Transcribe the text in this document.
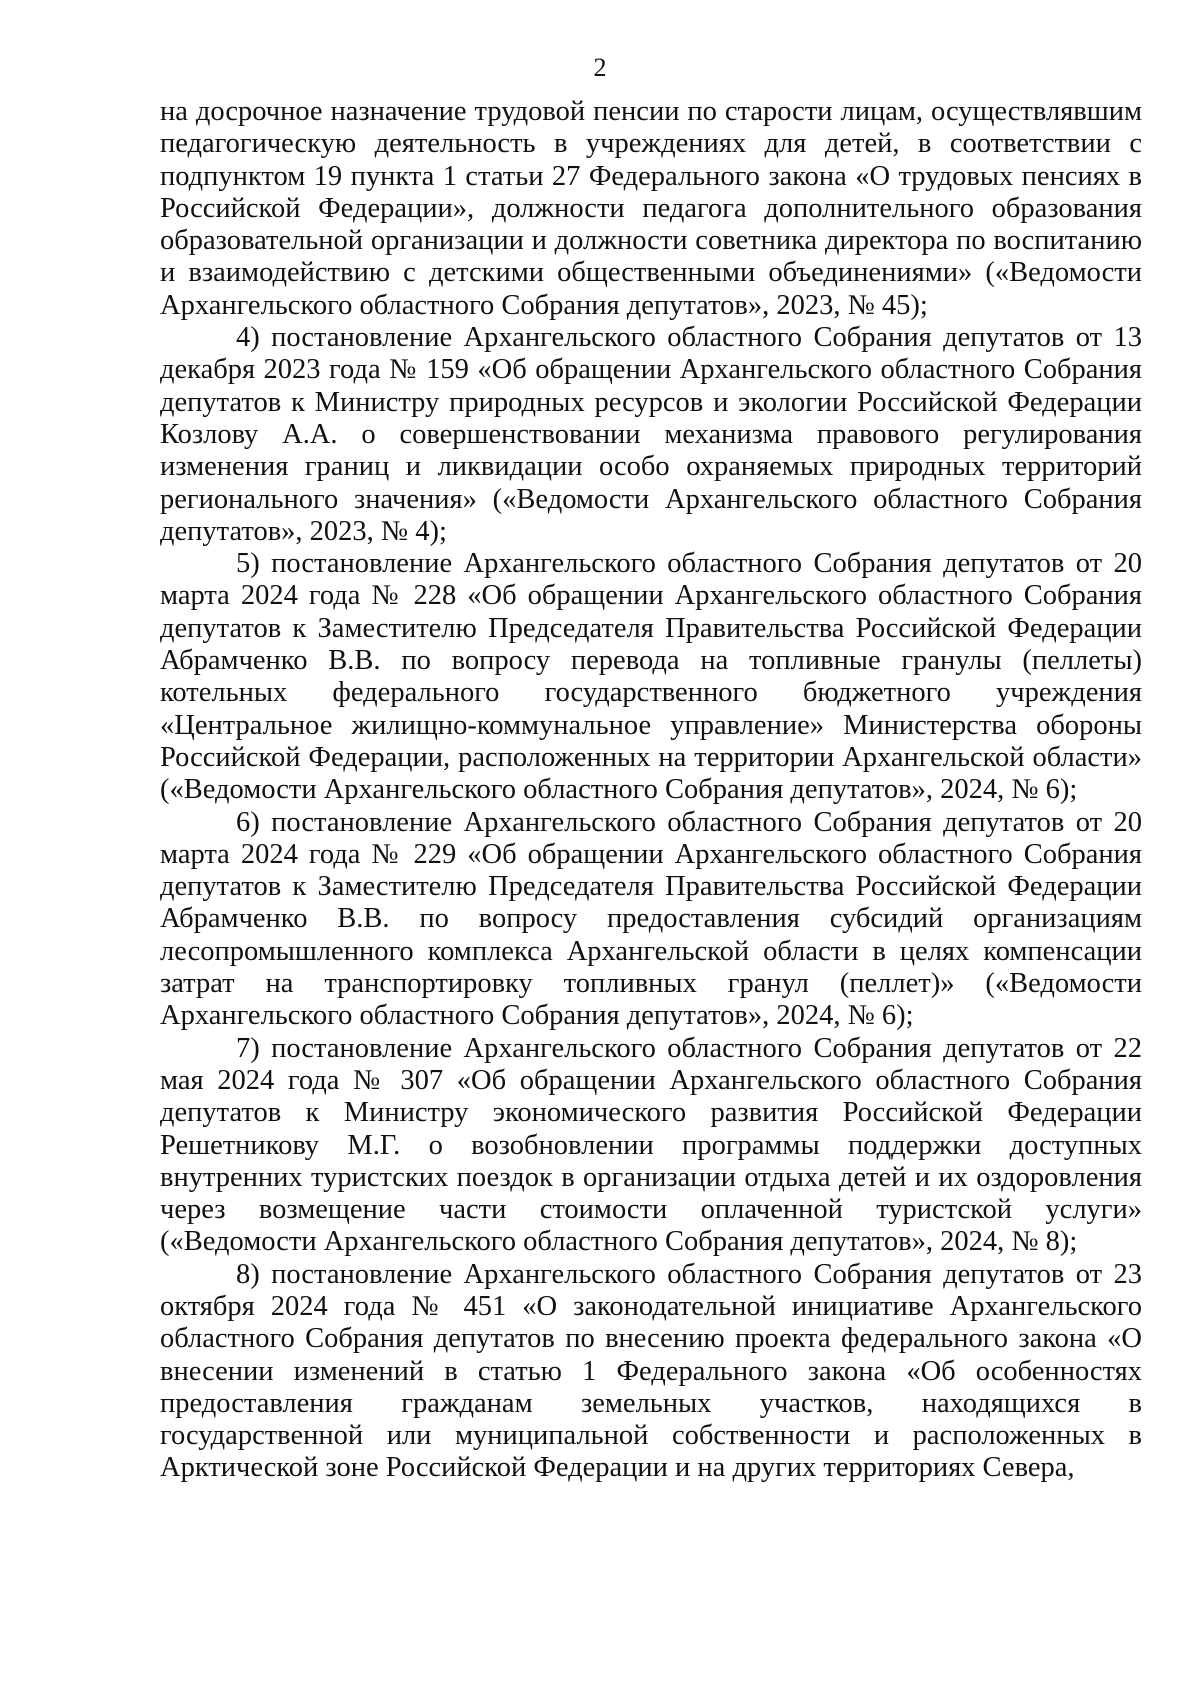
2

на досрочное назначение трудовой пенсии по старости лицам, осуществлявшим педагогическую деятельность в учреждениях для детей, в соответствии с подпунктом 19 пункта 1 статьи 27 Федерального закона «О трудовых пенсиях в Российской Федерации», должности педагога дополнительного образования образовательной организации и должности советника директора по воспитанию и взаимодействию с детскими общественными объединениями» («Ведомости Архангельского областного Собрания депутатов», 2023, № 45);

4) постановление Архангельского областного Собрания депутатов от 13 декабря 2023 года № 159 «Об обращении Архангельского областного Собрания депутатов к Министру природных ресурсов и экологии Российской Федерации Козлову А.А. о совершенствовании механизма правового регулирования изменения границ и ликвидации особо охраняемых природных территорий регионального значения» («Ведомости Архангельского областного Собрания депутатов», 2023, № 4);

5) постановление Архангельского областного Собрания депутатов от 20 марта 2024 года № 228 «Об обращении Архангельского областного Собрания депутатов к Заместителю Председателя Правительства Российской Федерации Абрамченко В.В. по вопросу перевода на топливные гранулы (пеллеты) котельных федерального государственного бюджетного учреждения «Центральное жилищно-коммунальное управление» Министерства обороны Российской Федерации, расположенных на территории Архангельской области» («Ведомости Архангельского областного Собрания депутатов», 2024, № 6);

6) постановление Архангельского областного Собрания депутатов от 20 марта 2024 года № 229 «Об обращении Архангельского областного Собрания депутатов к Заместителю Председателя Правительства Российской Федерации Абрамченко В.В. по вопросу предоставления субсидий организациям лесопромышленного комплекса Архангельской области в целях компенсации затрат на транспортировку топливных гранул (пеллет)» («Ведомости Архангельского областного Собрания депутатов», 2024, № 6);

7) постановление Архангельского областного Собрания депутатов от 22 мая 2024 года № 307 «Об обращении Архангельского областного Собрания депутатов к Министру экономического развития Российской Федерации Решетникову М.Г. о возобновлении программы поддержки доступных внутренних туристских поездок в организации отдыха детей и их оздоровления через возмещение части стоимости оплаченной туристской услуги» («Ведомости Архангельского областного Собрания депутатов», 2024, № 8);

8) постановление Архангельского областного Собрания депутатов от 23 октября 2024 года № 451 «О законодательной инициативе Архангельского областного Собрания депутатов по внесению проекта федерального закона «О внесении изменений в статью 1 Федерального закона «Об особенностях предоставления гражданам земельных участков, находящихся в государственной или муниципальной собственности и расположенных в Арктической зоне Российской Федерации и на других территориях Севера,
